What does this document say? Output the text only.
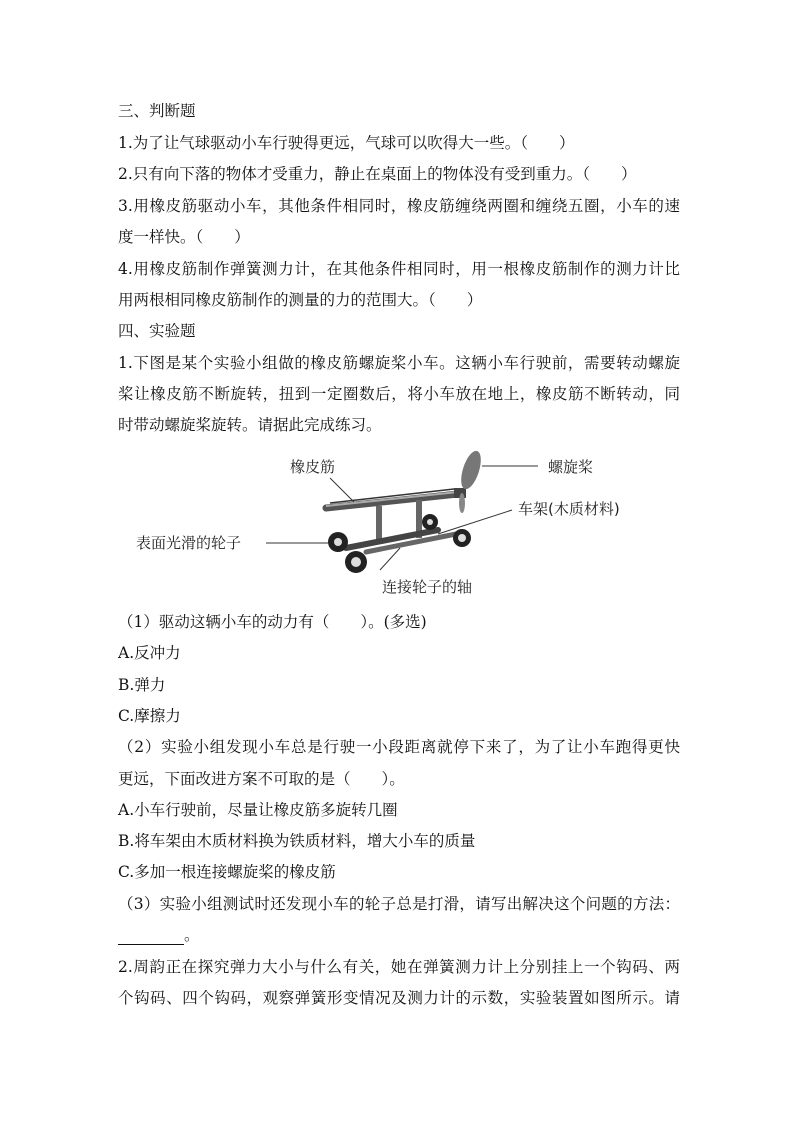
三、判断题
1.为了让气球驱动小车行驶得更远，气球可以吹得大一些。（　　）
2.只有向下落的物体才受重力，静止在桌面上的物体没有受到重力。（　　）
3.用橡皮筋驱动小车，其他条件相同时，橡皮筋缠绕两圈和缠绕五圈，小车的速
度一样快。（　　）
4.用橡皮筋制作弹簧测力计，在其他条件相同时，用一根橡皮筋制作的测力计比
用两根相同橡皮筋制作的测量的力的范围大。（　　）
四、实验题
1.下图是某个实验小组做的橡皮筋螺旋桨小车。这辆小车行驶前，需要转动螺旋
桨让橡皮筋不断旋转，扭到一定圈数后，将小车放在地上，橡皮筋不断转动，同
时带动螺旋桨旋转。请据此完成练习。
橡皮筋	螺旋桨
车架(木质材料)
表面光滑的轮子
连接轮子的轴
（1）驱动这辆小车的动力有（　　）。(多选)
A.反冲力
B.弹力
C.摩擦力
（2）实验小组发现小车总是行驶一小段距离就停下来了，为了让小车跑得更快
更远，下面改进方案不可取的是（　　）。
A.小车行驶前，尽量让橡皮筋多旋转几圈
B.将车架由木质材料换为铁质材料，增大小车的质量
C.多加一根连接螺旋桨的橡皮筋
（3）实验小组测试时还发现小车的轮子总是打滑，请写出解决这个问题的方法：
。
2.周韵正在探究弹力大小与什么有关，她在弹簧测力计上分别挂上一个钩码、两
个钩码、四个钩码，观察弹簧形变情况及测力计的示数，实验装置如图所示。请
